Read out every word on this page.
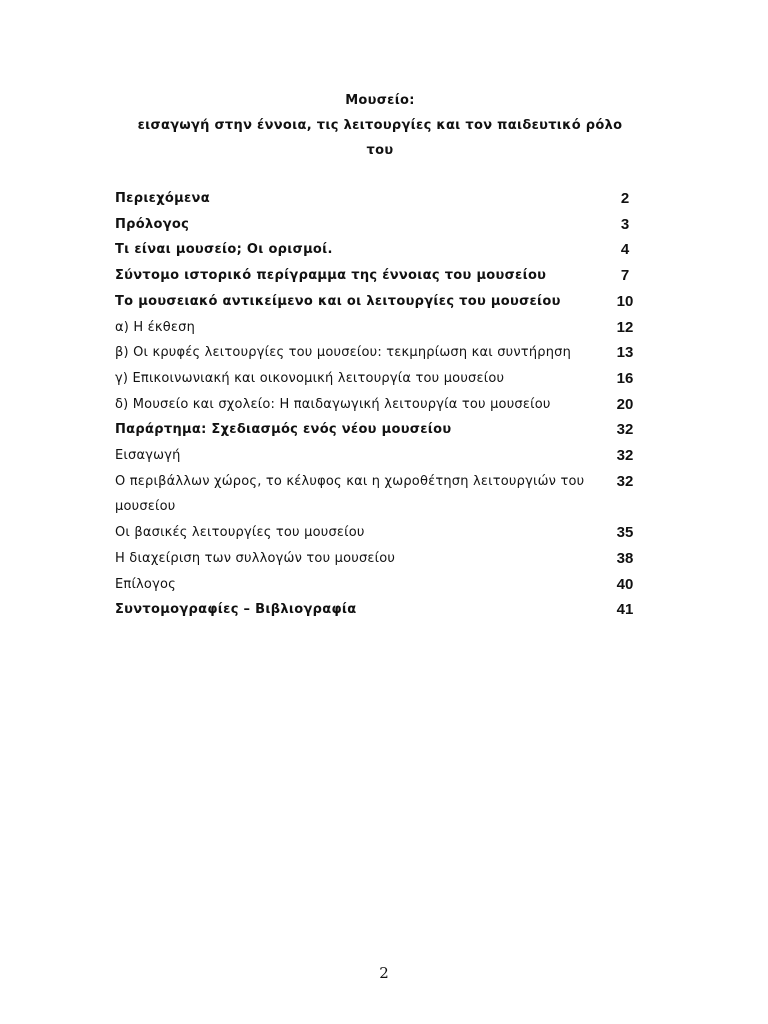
Μουσείο:
εισαγωγή στην έννοια, τις λειτουργίες και τον παιδευτικό ρόλο
του
Περιεχόμενα	2
Πρόλογος	3
Τι είναι μουσείο; Οι ορισμοί.	4
Σύντομο ιστορικό περίγραμμα της έννοιας του μουσείου	7
Το μουσειακό αντικείμενο και οι λειτουργίες του μουσείου	10
α) Η έκθεση	12
β) Οι κρυφές λειτουργίες του μουσείου: τεκμηρίωση και συντήρηση	13
γ) Επικοινωνιακή και οικονομική λειτουργία του μουσείου	16
δ) Μουσείο και σχολείο: Η παιδαγωγική λειτουργία του μουσείου	20
Παράρτημα: Σχεδιασμός ενός νέου μουσείου	32
Εισαγωγή	32
Ο περιβάλλων χώρος, το κέλυφος και η χωροθέτηση λειτουργιών του μουσείου
32
Οι βασικές λειτουργίες του μουσείου	35
Η διαχείριση των συλλογών του μουσείου	38
Επίλογος	40
Συντομογραφίες – Βιβλιογραφία	41
2
